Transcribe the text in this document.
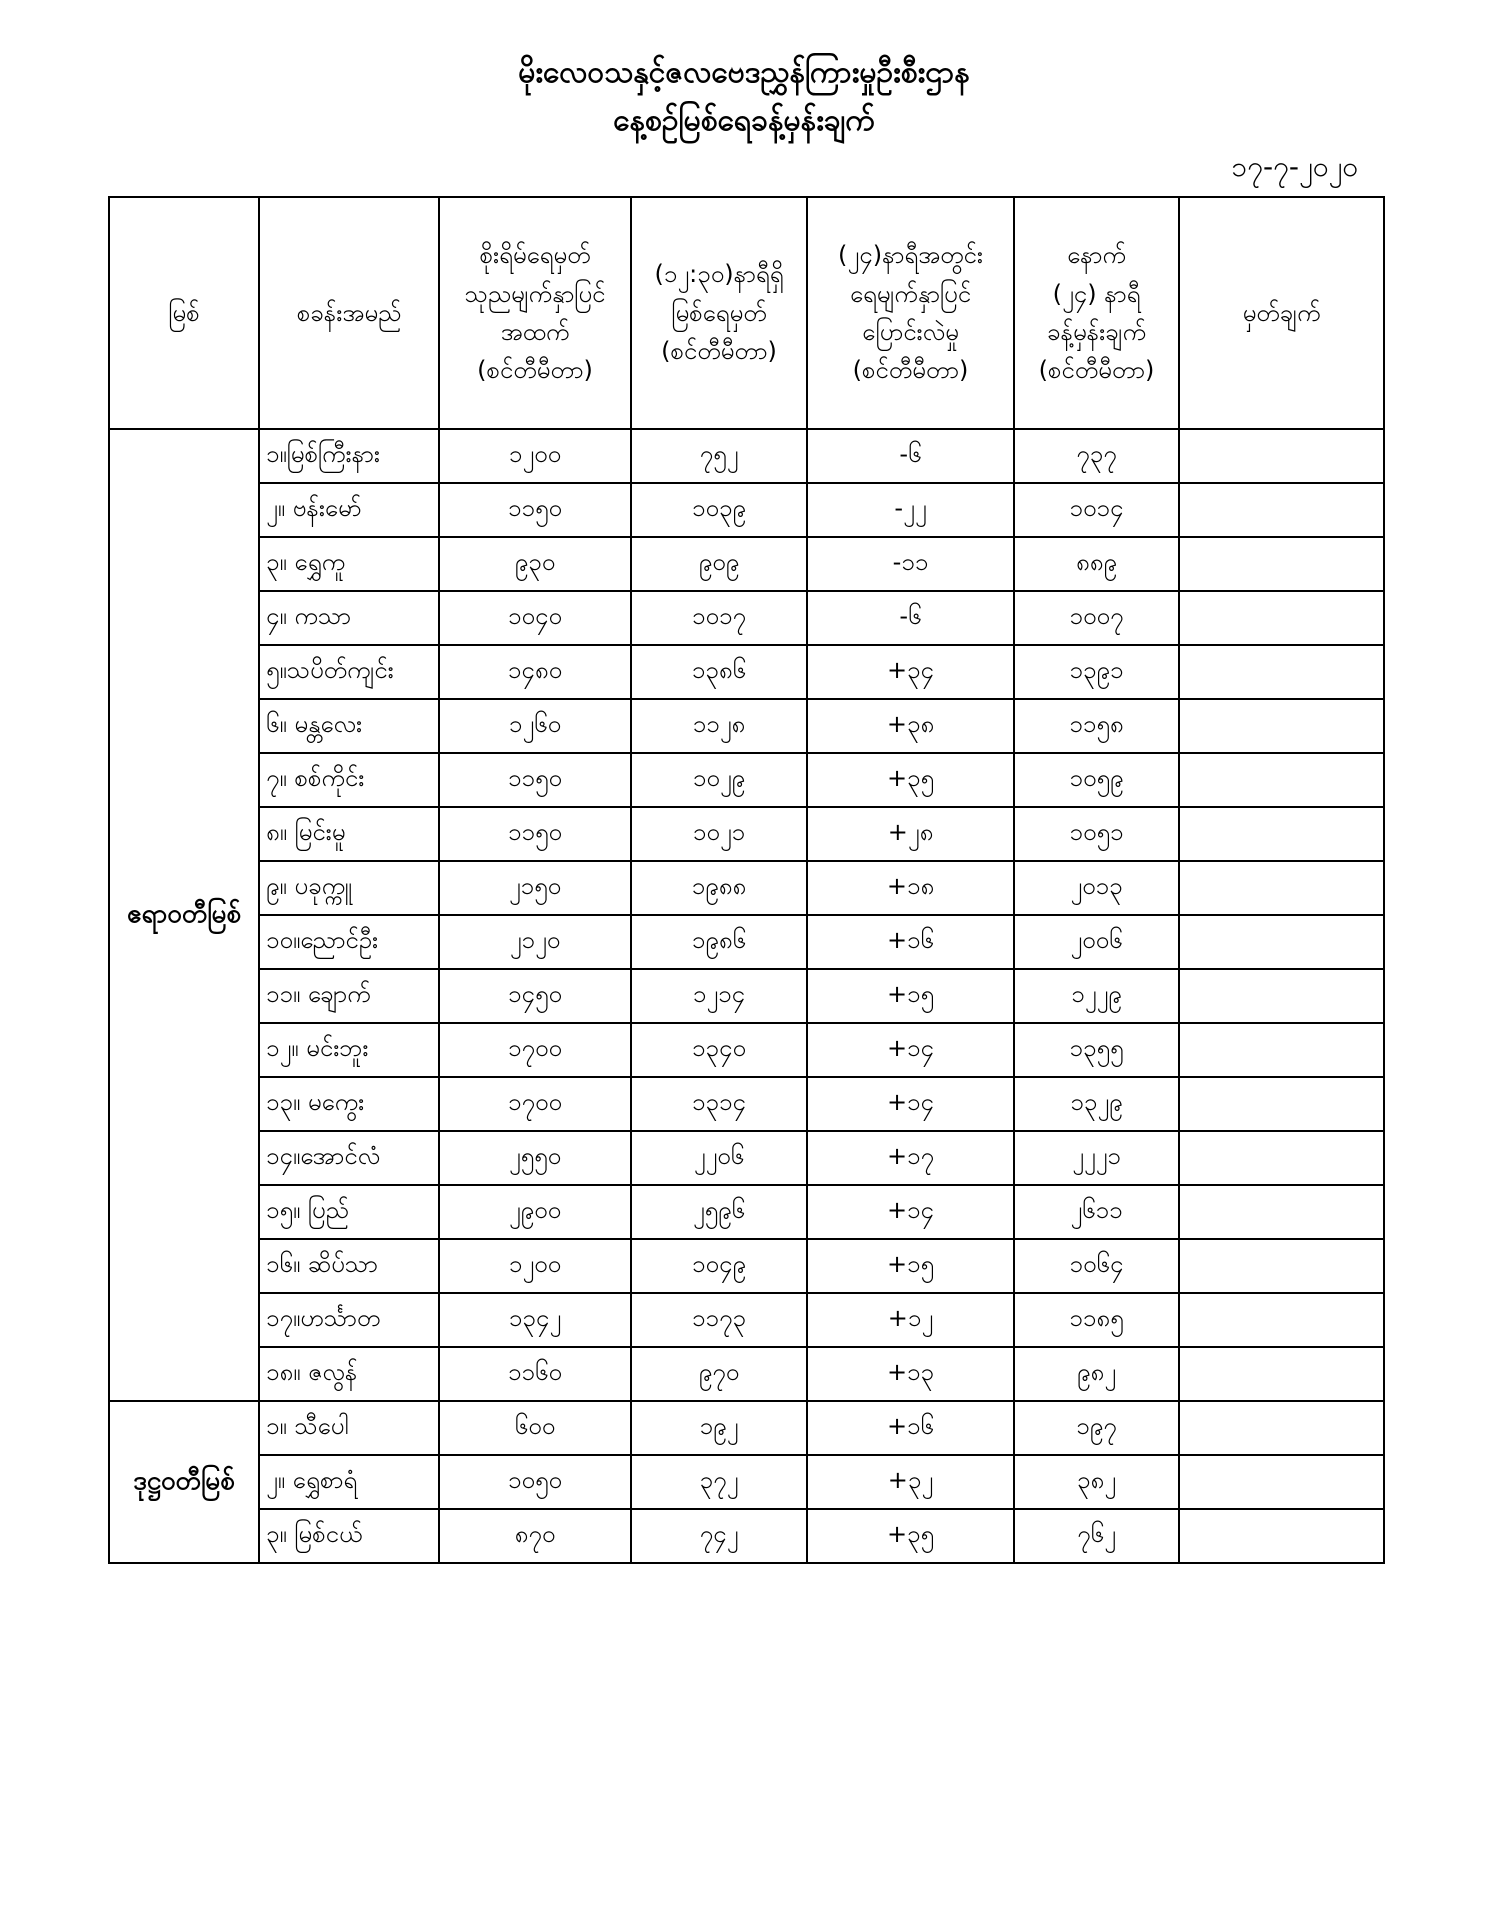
မိုးလေဝသနှင့်ဇလဗေဒညွှန်ကြားမှုဦးစီးဌာန
နေ့စဉ်မြစ်ရေခန့်မှန်းချက်
၁၇-၇-၂၀၂၀
မြစ်	စခန်းအမည်	စိုးရိမ်ရေမှတ်
သုညမျက်နှာပြင်
အထက်
(စင်တီမီတာ)	(၁၂:၃၀)နာရီရှိ
မြစ်ရေမှတ်
(စင်တီမီတာ)	(၂၄)နာရီအတွင်း
ရေမျက်နှာပြင်
ပြောင်းလဲမှု
(စင်တီမီတာ)	နောက်
(၂၄) နာရီ
ခန့်မှန်းချက်
(စင်တီမီတာ)	မှတ်ချက်
ဧရာဝတီမြစ်	၁။မြစ်ကြီးနား	၁၂၀၀	၇၅၂	-၆	၇၃၇	
	၂။ ဗန်းမော်	၁၁၅၀	၁၀၃၉	-၂၂	၁၀၁၄	
	၃။ ရွှေကူ	၉၃၀	၉၀၉	-၁၁	၈၈၉	
	၄။ ကသာ	၁၀၄၀	၁၀၁၇	-၆	၁၀၀၇	
	၅။သပိတ်ကျင်း	၁၄၈၀	၁၃၈၆	+၃၄	၁၃၉၁	
	၆။ မန္တလေး	၁၂၆၀	၁၁၂၈	+၃၈	၁၁၅၈	
	၇။ စစ်ကိုင်း	၁၁၅၀	၁၀၂၉	+၃၅	၁၀၅၉	
	၈။ မြင်းမူ	၁၁၅၀	၁၀၂၁	+၂၈	၁၀၅၁	
	၉။ ပခုက္ကူ	၂၁၅၀	၁၉၈၈	+၁၈	၂၀၁၃	
	၁၀။ညောင်ဦး	၂၁၂၀	၁၉၈၆	+၁၆	၂၀၀၆	
	၁၁။ ချောက်	၁၄၅၀	၁၂၁၄	+၁၅	၁၂၂၉	
	၁၂။ မင်းဘူး	၁၇၀၀	၁၃၄၀	+၁၄	၁၃၅၅	
	၁၃။ မကွေး	၁၇၀၀	၁၃၁၄	+၁၄	၁၃၂၉	
	၁၄။အောင်လံ	၂၅၅၀	၂၂၀၆	+၁၇	၂၂၂၁	
	၁၅။ ပြည်	၂၉၀၀	၂၅၉၆	+၁၄	၂၆၁၁	
	၁၆။ ဆိပ်သာ	၁၂၀၀	၁၀၄၉	+၁၅	၁၀၆၄	
	၁၇။ဟင်္သာတ	၁၃၄၂	၁၁၇၃	+၁၂	၁၁၈၅	
	၁၈။ ဇလွန်	၁၁၆၀	၉၇၀	+၁၃	၉၈၂	
ဒုဋ္ဌဝတီမြစ်	၁။ သီပေါ	၆၀၀	၁၉၂	+၁၆	၁၉၇	
	၂။ ရွှေစာရံ	၁၀၅၀	၃၇၂	+၃၂	၃၈၂	
	၃။ မြစ်ငယ်	၈၇၀	၇၄၂	+၃၅	၇၆၂	
